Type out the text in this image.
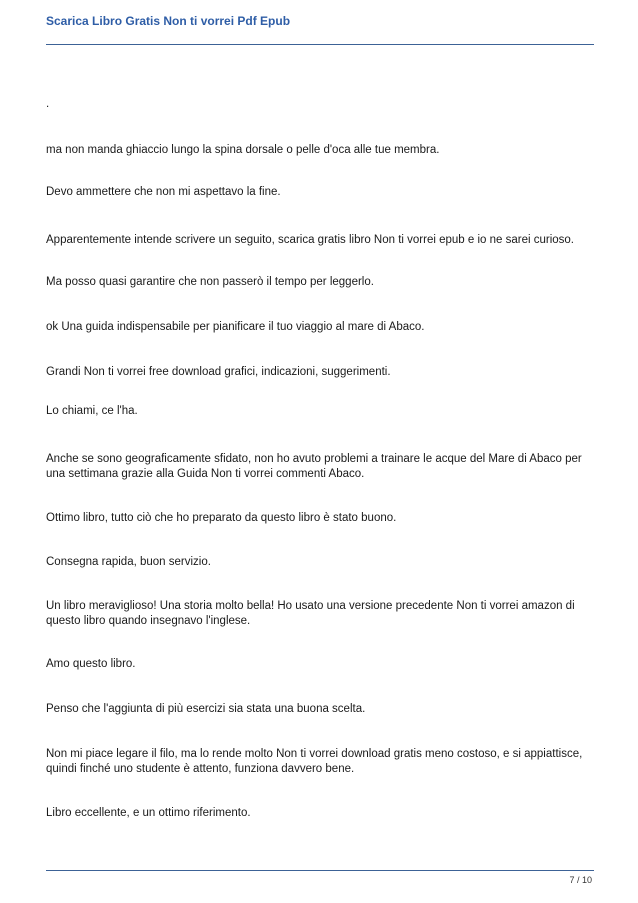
Scarica Libro Gratis Non ti vorrei Pdf Epub

.

ma non manda ghiaccio lungo la spina dorsale o pelle d'oca alle tue membra.

Devo ammettere che non mi aspettavo la fine.

Apparentemente intende scrivere un seguito, scarica gratis libro Non ti vorrei epub e io ne sarei curioso.

Ma posso quasi garantire che non passerò il tempo per leggerlo.

ok Una guida indispensabile per pianificare il tuo viaggio al mare di Abaco.

Grandi Non ti vorrei free download grafici, indicazioni, suggerimenti.

Lo chiami, ce l'ha.

Anche se sono geograficamente sfidato, non ho avuto problemi a trainare le acque del Mare di Abaco per una settimana grazie alla Guida Non ti vorrei commenti Abaco.

Ottimo libro, tutto ciò che ho preparato da questo libro è stato buono.

Consegna rapida, buon servizio.

Un libro meraviglioso! Una storia molto bella! Ho usato una versione precedente Non ti vorrei amazon di questo libro quando insegnavo l'inglese.

Amo questo libro.

Penso che l'aggiunta di più esercizi sia stata una buona scelta.

Non mi piace legare il filo, ma lo rende molto Non ti vorrei download gratis meno costoso, e si appiattisce, quindi finché uno studente è attento, funziona davvero bene.

Libro eccellente, e un ottimo riferimento.

7 / 10
